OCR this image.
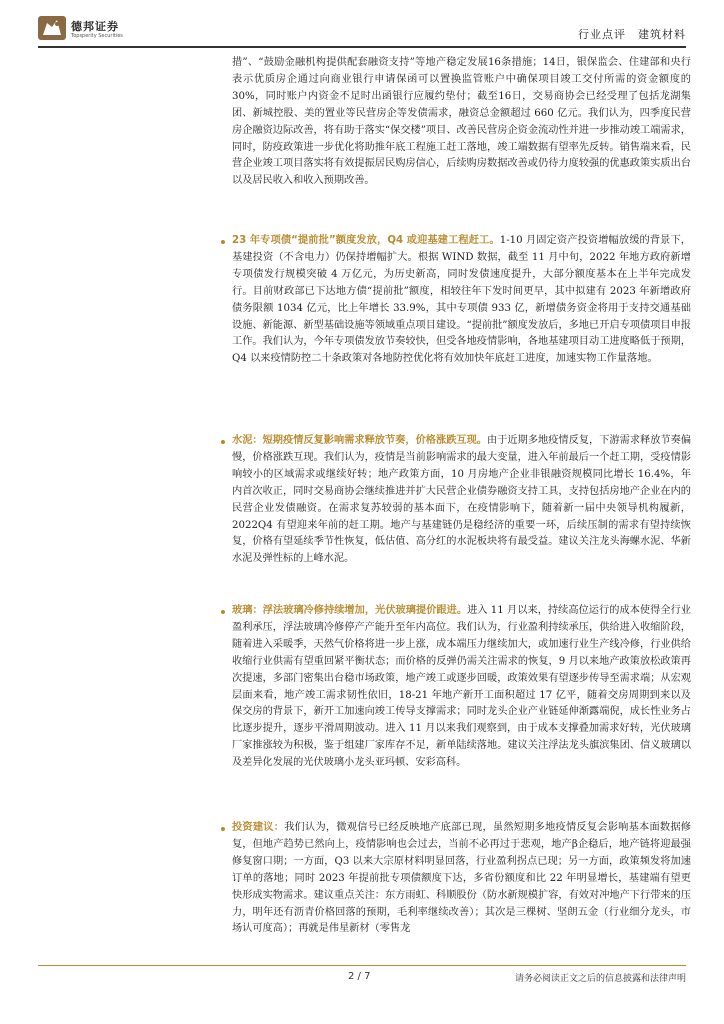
德邦证券
Topsperity Securities	行业点评　建筑材料
措”、“鼓励金融机构提供配套融资支持”等地产稳定发展16条措施；14日，银保监会、住建部和央行表示优质房企通过向商业银行申请保函可以置换监管账户中确保项目竣工交付所需的资金额度的 30%，同时账户内资金不足时出函银行应履约垫付；截至16日，交易商协会已经受理了包括龙湖集团、新城控股、美的置业等民营房企等发债需求，融资总金额超过 660 亿元。我们认为，四季度民营房企融资边际改善，将有助于落实“保交楼”项目、改善民营房企资金流动性并进一步推动竣工端需求，同时，防疫政策进一步优化将助推年底工程施工赶工落地，竣工端数据有望率先反转。销售端来看，民营企业竣工项目落实将有效提振居民购房信心，后续购房数据改善或仍待力度较强的优惠政策实质出台以及居民收入和收入预期改善。
23 年专项债“提前批”额度发放，Q4 或迎基建工程赶工。1-10 月固定资产投资增幅放缓的背景下，基建投资（不含电力）仍保持增幅扩大。根据 WIND 数据，截至 11 月中旬，2022 年地方政府新增专项债发行规模突破 4 万亿元，为历史新高，同时发债速度提升，大部分额度基本在上半年完成发行。目前财政部已下达地方债“提前批”额度，相较往年下发时间更早，其中拟建有 2023 年新增政府债务限额 1034 亿元，比上年增长 33.9%，其中专项债 933 亿，新增债务资金将用于支持交通基础设施、新能源、新型基础设施等领域重点项目建设。“提前批”额度发放后，多地已开启专项债项目申报工作。我们认为，今年专项债发放节奏较快，但受各地疫情影响，各地基建项目动工进度略低于预期，Q4 以来疫情防控二十条政策对各地防控优化将有效加快年底赶工进度，加速实物工作量落地。
水泥：短期疫情反复影响需求释放节奏，价格涨跌互现。由于近期多地疫情反复，下游需求释放节奏偏慢，价格涨跌互现。我们认为，疫情是当前影响需求的最大变量，进入年前最后一个赶工期，受疫情影响较小的区域需求或继续好转；地产政策方面，10 月房地产企业非银融资规模同比增长 16.4%，年内首次收正，同时交易商协会继续推进并扩大民营企业债券融资支持工具，支持包括房地产企业在内的民营企业发债融资。在需求复苏较弱的基本面下，在疫情影响下，随着新一届中央领导机构履新，2022Q4 有望迎来年前的赶工期。地产与基建链仍是稳经济的重要一环，后续压制的需求有望持续恢复，价格有望延续季节性恢复，低估值、高分红的水泥板块将有最受益。建议关注龙头海螺水泥、华新水泥及弹性标的上峰水泥。
玻璃：浮法玻璃冷修持续增加，光伏玻璃提价跟进。进入 11 月以来，持续高位运行的成本使得全行业盈利承压，浮法玻璃冷修停产产能升至年内高位。我们认为，行业盈利持续承压，供给进入收缩阶段，随着进入采暖季，天然气价格将进一步上涨，成本端压力继续加大，或加速行业生产线冷修，行业供给收缩行业供需有望重回紧平衡状态；而价格的反弹仍需关注需求的恢复，9 月以来地产政策放松政策再次提速，多部门密集出台稳市场政策，地产竣工或逐步回暖，政策效果有望逐步传导至需求端；从宏观层面来看，地产竣工需求韧性依旧，18-21 年地产新开工面积超过 17 亿平，随着交房周期到来以及保交房的背景下，新开工加速向竣工传导支撑需求；同时龙头企业产业链延伸渐露端倪，成长性业务占比逐步提升，逐步平滑周期波动。进入 11 月以来我们观察到，由于成本支撑叠加需求好转，光伏玻璃厂家推涨较为积极，鉴于组建厂家库存不足，新单陆续落地。建议关注浮法龙头旗滨集团、信义玻璃以及差异化发展的光伏玻璃小龙头亚玛顿、安彩高科。
投资建议：我们认为，微观信号已经反映地产底部已现，虽然短期多地疫情反复会影响基本面数据修复，但地产趋势已然向上，疫情影响也会过去，当前不必再过于悲观，地产β企稳后，地产链将迎最强修复窗口期；一方面，Q3 以来大宗原材料明显回落，行业盈利拐点已现；另一方面，政策频发将加速订单的落地；同时 2023 年提前批专项债额度下达，多省份额度和比 22 年明显增长，基建端有望更快形成实物需求。建议重点关注：东方雨虹、科顺股份（防水新规模扩容，有效对冲地产下行带来的压力，明年还有沥青价格回落的预期，毛利率继续改善）；其次是三棵树、坚朗五金（行业细分龙头，市场认可度高）；再就是伟星新材（零售龙
2 / 7	请务必阅读正文之后的信息披露和法律声明
